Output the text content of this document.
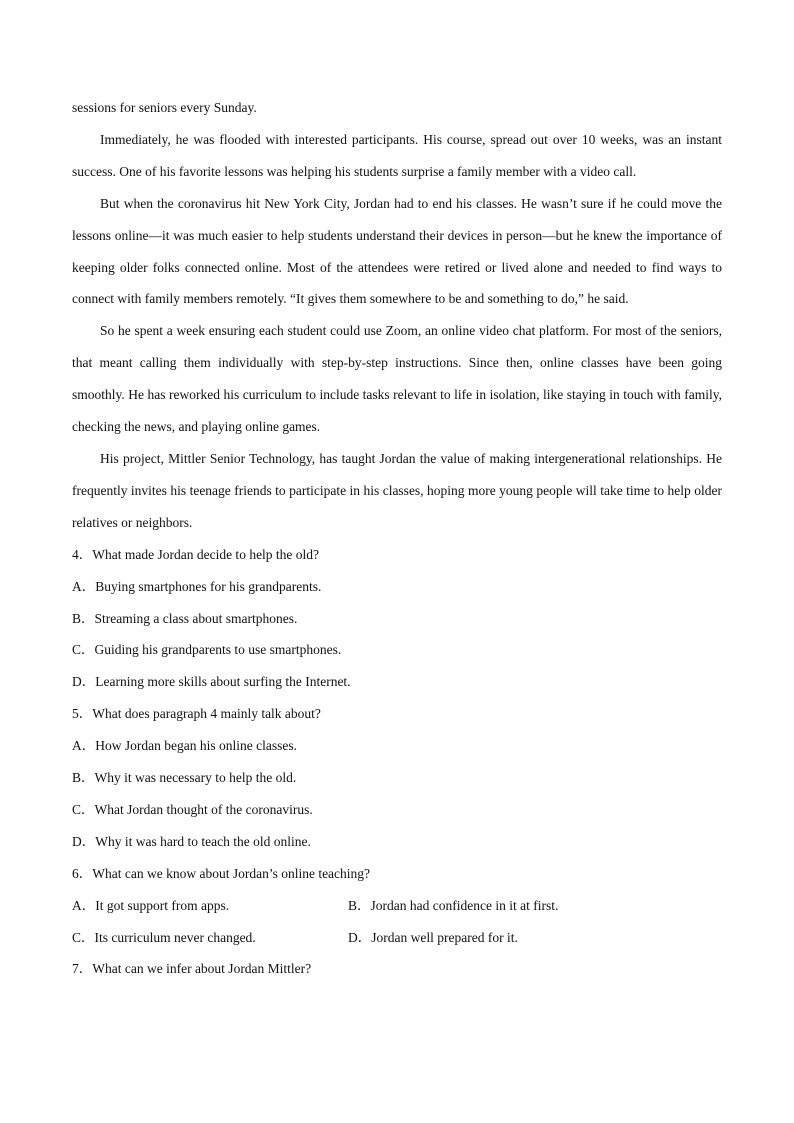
sessions for seniors every Sunday.

Immediately, he was flooded with interested participants. His course, spread out over 10 weeks, was an instant success. One of his favorite lessons was helping his students surprise a family member with a video call.

But when the coronavirus hit New York City, Jordan had to end his classes. He wasn’t sure if he could move the lessons online—it was much easier to help students understand their devices in person—but he knew the importance of keeping older folks connected online. Most of the attendees were retired or lived alone and needed to find ways to connect with family members remotely. “It gives them somewhere to be and something to do,” he said.

So he spent a week ensuring each student could use Zoom, an online video chat platform. For most of the seniors, that meant calling them individually with step-by-step instructions. Since then, online classes have been going smoothly. He has reworked his curriculum to include tasks relevant to life in isolation, like staying in touch with family, checking the news, and playing online games.

His project, Mittler Senior Technology, has taught Jordan the value of making intergenerational relationships. He frequently invites his teenage friends to participate in his classes, hoping more young people will take time to help older relatives or neighbors.

4．What made Jordan decide to help the old?
A．Buying smartphones for his grandparents.
B．Streaming a class about smartphones.
C．Guiding his grandparents to use smartphones.
D．Learning more skills about surfing the Internet.
5．What does paragraph 4 mainly talk about?
A．How Jordan began his online classes.
B．Why it was necessary to help the old.
C．What Jordan thought of the coronavirus.
D．Why it was hard to teach the old online.
6．What can we know about Jordan’s online teaching?
A．It got support from apps.	B．Jordan had confidence in it at first.
C．Its curriculum never changed.	D．Jordan well prepared for it.
7．What can we infer about Jordan Mittler?
